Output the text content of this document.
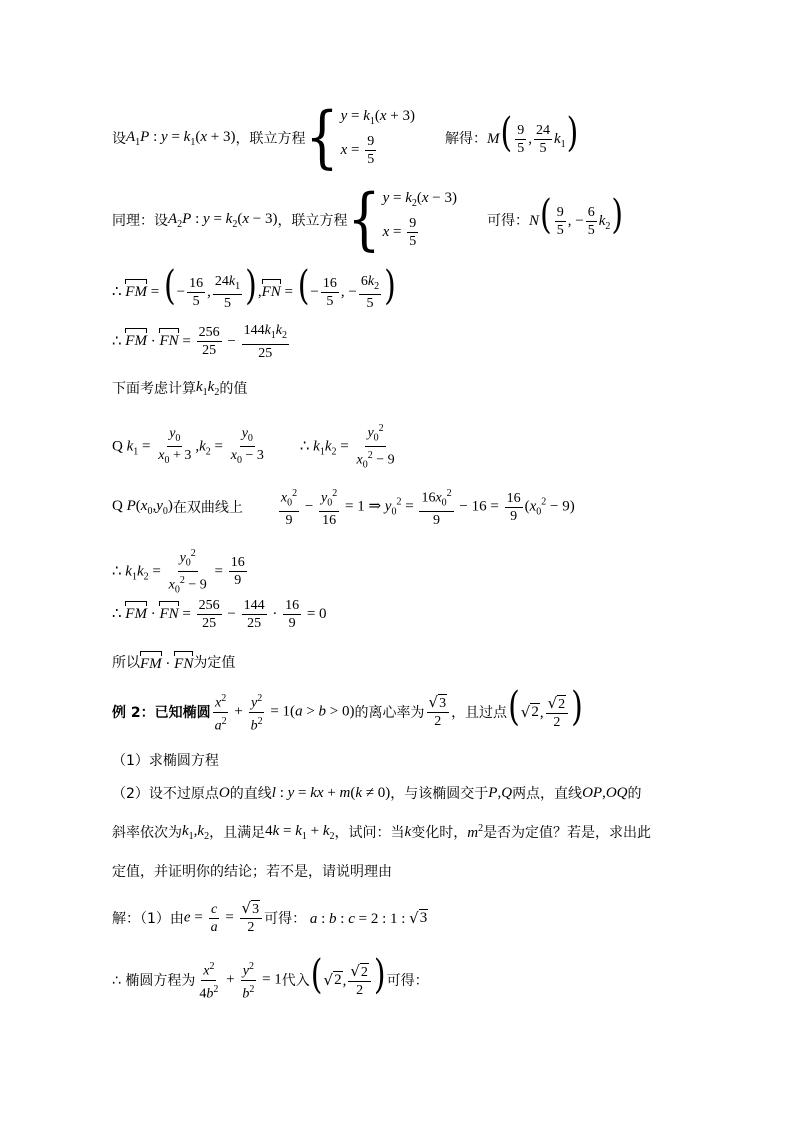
设 $A_1P$ : $y = k_1(x + 3)$ ，联立方程 { $y = k_1(x + 3)$
$x = \frac{9}{5}$	解得： $M( \frac{9}{5}$ , $\frac{24}{5} k_1$)
同理：设 $A_2P$ : $y = k_2(x - 3)$ ，联立方程 { $y = k_2(x - 3)$
$x = \frac{9}{5}$	可得： $N( \frac{9}{5}$ , − $\frac{6}{5} k_2$)
∴ FM = (− $\frac{16}{5}$ , $\frac{24k_1}{5} ),FN$ = (− $\frac{16}{5}$ , − $\frac{6k_2}{5}$ )
∴ FM · FN = $\frac{256}{25} - \frac{144k_1k_2}{25}$
下面考虑计算 $k_1k_2$ 的值
Q $k_1 = \frac{y_0}{x_0 + 3} ,k_2 = \frac{y_0}{x_0 - 3}$ ∴ $k_1k_2 = \frac{y_0^2}{x_0^2 - 9}$
Q $P(x_0,y_0)$ 在双曲线上	$\frac{x_0^2}{9} - \frac{y_0^2}{16} = 1$ ⇒ $y_0^2 = \frac{16x_0^2}{9} - 16 = \frac{16}{9} (x_0^2 - 9)$
∴ $k_1k_2 = \frac{y_0^2}{x_0^2 - 9} = \frac{16}{9}$
∴ FM · FN = $\frac{256}{25} - \frac{144}{25} \cdot \frac{16}{9} = 0$
所以 FM · FN 为定值
例 2：已知椭圆 $\frac{x^2}{a^2} + \frac{y^2}{b^2} = 1(a > b > 0)$ 的离心率为 $\frac{√ 3}{2}$ ，且过点 ( √ 2 , $\frac{√ 2}{2}$ )
（1）求椭圆方程
（2）设不过原点 O 的直线 l : y = kx + m(k ≠ 0) ，与该椭圆交于 P,Q 两点，直线 OP,OQ 的
斜率依次为 $k_1,k_2$ ，且满足 $4k = k_1 + k_2$ ，试问：当 k 变化时， $m^2$ 是否为定值？若是，求出此
定值，并证明你的结论；若不是，请说明理由
解：（1）由 $e = \frac{c}{a} = \frac{√ 3}{2}$ 可得： a : b : c = 2 : 1 : √ 3
∴ 椭圆方程为 $\frac{x^2}{4b^2} + \frac{y^2}{b^2} = 1$ 代入 ( √ 2 , $\frac{√ 2}{2}$ ) 可得：
